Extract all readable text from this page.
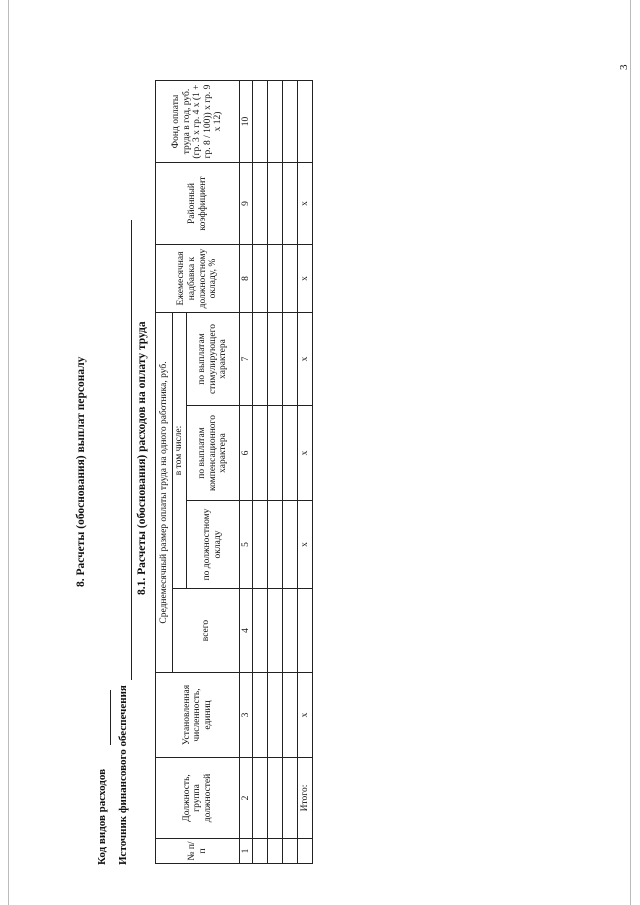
8. Расчеты (обоснования) выплат персоналу
Код видов расходов Источник финансового обеспечения
8.1. Расчеты (обоснования) расходов на оплату труда
№ п/п	Должность, группа должностей	Установленная численность, единиц	Среднемесячный размер оплаты труда на одного работника, руб.				Ежемесячная надбавка к должностному окладу, %	Районный коэффициент	Фонд оплаты труда в год, руб. (гр. 3 х гр. 4 х (1 + гр. 8 / 100)) х гр. 9 х 12)
			всего	в том числе:					
				по должностному окладу	по выплатам компенсационного характера	по выплатам стимулирующего характера			
1	2	3	4	5	6	7	8	9	10

	Итого:	х		х	х	х	х	х	
3
